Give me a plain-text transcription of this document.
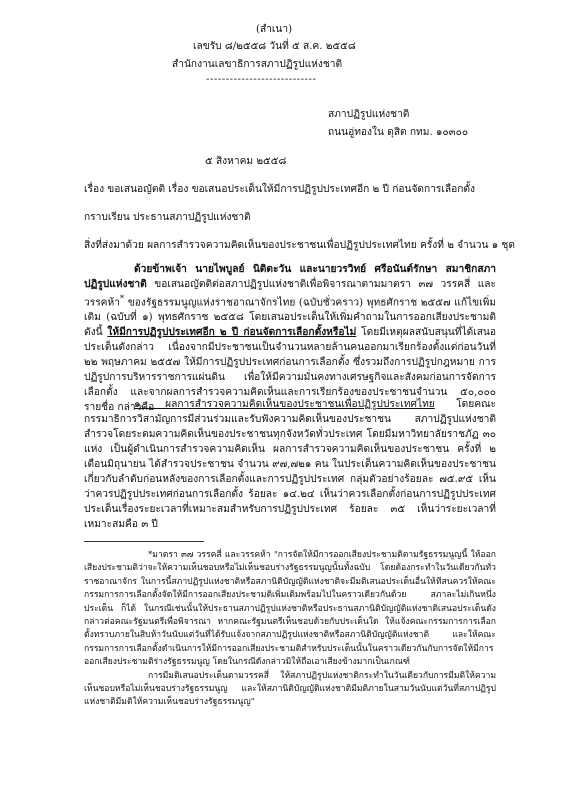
(สำเนา)
เลขรับ ๘/๒๕๕๘ วันที่ ๕ ส.ค. ๒๕๕๘
สำนักงานเลขาธิการสภาปฏิรูปแห่งชาติ
----------------------------
สภาปฏิรูปแห่งชาติ
ถนนอู่ทองใน ดุสิต กทม. ๑๐๓๐๐
๕ สิงหาคม ๒๕๕๘
เรื่อง ขอเสนอญัตติ เรื่อง ขอเสนอประเด็นให้มีการปฏิรูปประเทศอีก ๒ ปี ก่อนจัดการเลือกตั้ง
กราบเรียน ประธานสภาปฏิรูปแห่งชาติ
สิ่งที่ส่งมาด้วย ผลการสำรวจความคิดเห็นของประชาชนเพื่อปฏิรูปประเทศไทย ครั้งที่ ๒ จำนวน ๑ ชุด
ด้วยข้าพเจ้า นายไพบูลย์ นิติตะวัน และนายวรวิทย์ ศรีอนันต์รักษา สมาชิกสภาปฏิรูปแห่งชาติ ขอเสนอญัตติต่อสภาปฏิรูปแห่งชาติเพื่อพิจารณาตามมาตรา ๓๗ วรรคสี่ และวรรคห้า* ของรัฐธรรมนูญแห่งราชอาณาจักรไทย (ฉบับชั่วคราว) พุทธศักราช ๒๕๕๗ แก้ไขเพิ่มเติม (ฉบับที่ ๑) พุทธศักราช ๒๕๕๘ โดยเสนอประเด็นให้เพิ่มคำถามในการออกเสียงประชามติ ดังนี้ ให้มีการปฏิรูปประเทศอีก ๒ ปี ก่อนจัดการเลือกตั้งหรือไม่ โดยมีเหตุผลสนับสนุนที่ได้เสนอประเด็นดังกล่าว เนื่องจากมีประชาชนเป็นจำนวนหลายล้านคนออกมาเรียกร้องตั้งแต่ก่อนวันที่ ๒๒ พฤษภาคม ๒๕๕๗ ให้มีการปฏิรูปประเทศก่อนการเลือกตั้ง ซึ่งรวมถึงการปฏิรูปกฎหมาย การปฏิรูปการบริหารราชการแผ่นดิน เพื่อให้มีความมั่นคงทางเศรษฐกิจและสังคมก่อนการจัดการเลือกตั้ง และจากผลการสำรวจความคิดเห็นและการเรียกร้องของประชาชนจำนวน ๕๐,๐๐๐ รายชื่อ กล่าวคือ
๑. ผลการสำรวจความคิดเห็นของประชาชนเพื่อปฏิรูปประเทศไทย โดยคณะกรรมาธิการวิสามัญการมีส่วนร่วมและรับฟังความคิดเห็นของประชาชน สภาปฏิรูปแห่งชาติ สำรวจโดยระดมความคิดเห็นของประชาชนทุกจังหวัดทั่วประเทศ โดยมีมหาวิทยาลัยราชภัฏ ๓๐ แห่ง เป็นผู้ดำเนินการสำรวจความคิดเห็น ผลการสำรวจความคิดเห็นของประชาชน ครั้งที่ ๒ เดือนมิถุนายน ได้สำรวจประชาชน จำนวน ๙๗,๗๒๑ คน ในประเด็นความคิดเห็นของประชาชนเกี่ยวกับลำดับก่อนหลังของการเลือกตั้งและการปฏิรูปประเทศ กลุ่มตัวอย่างร้อยละ ๗๕.๙๕ เห็นว่าควรปฏิรูปประเทศก่อนการเลือกตั้ง ร้อยละ ๑๔.๒๔ เห็นว่าควรเลือกตั้งก่อนการปฏิรูปประเทศ ประเด็นเรื่องระยะเวลาที่เหมาะสมสำหรับการปฏิรูปประเทศ ร้อยละ ๓๕ เห็นว่าระยะเวลาที่เหมาะสมคือ ๓ ปี
*มาตรา ๓๗ วรรคสี่ และวรรคห้า "การจัดให้มีการออกเสียงประชามติตามรัฐธรรมนูญนี้ ให้ออกเสียงประชามติว่าจะให้ความเห็นชอบหรือไม่เห็นชอบร่างรัฐธรรมนูญนั้นทั้งฉบับ โดยต้องกระทำในวันเดียวกันทั่วราชอาณาจักร ในการนี้สภาปฏิรูปแห่งชาติหรือสภานิติบัญญัติแห่งชาติจะมีมติเสนอประเด็นอื่นให้ทีสนควรให้คณะกรรมการการเลือกตั้งจัดให้มีการออกเสียงประชามติเพิ่มเติมพร้อมไปในคราวเดียวกันด้วย สภาละไม่เกินหนึ่งประเด็น ก็ได้ ในกรณีเช่นนั้นให้ประธานสภาปฏิรูปแห่งชาติหรือประธานสภานิติบัญญัติแห่งชาติเสนอประเด็นดังกล่าวต่อคณะรัฐมนตรีเพื่อพิจารณา หากคณะรัฐมนตรีเห็นชอบด้วยกับประเด็นใด ให้แจ้งคณะกรรมการการเลือกตั้งทราบภายในสิบห้าวันนับแต่วันที่ได้รับแจ้งจากสภาปฏิรูปแห่งชาติหรือสภานิติบัญญัติแห่งชาติ และให้คณะกรรมการการเลือกตั้งดำเนินการให้มีการออกเสียงประชามติสำหรับประเด็นนั้นในคราวเดียวกันกับการจัดให้มีการออกเสียงประชามติร่างรัฐธรรมนูญ โดยในกรณีดังกล่าวมิให้ถือเอาเสียงข้างมากเป็นเกณฑ์
การมีมติเสนอประเด็นตามวรรคสี่ ให้สภาปฏิรูปแห่งชาติกระทำในวันเดียวกับการมีมติให้ความเห็นชอบหรือไม่เห็นชอบร่างรัฐธรรมนูญ และให้สภานิติบัญญัติแห่งชาติมีมติภายในสามวันนับแต่วันที่สภาปฏิรูปแห่งชาติมีมติให้ความเห็นชอบร่างรัฐธรรมนูญ"
